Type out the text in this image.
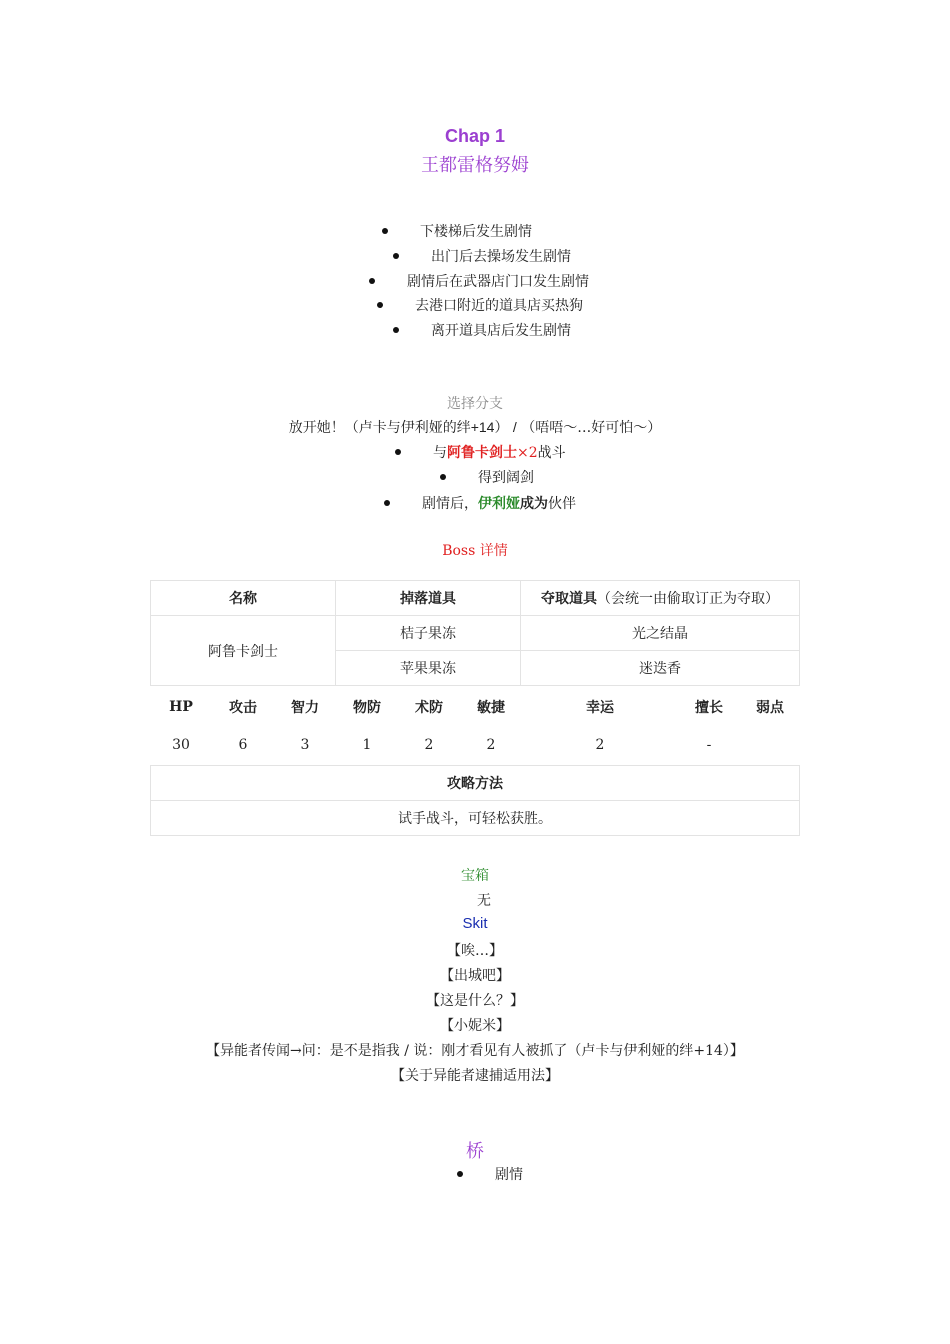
Chap 1
王都雷格努姆
下楼梯后发生剧情
出门后去操场发生剧情
剧情后在武器店门口发生剧情
去港口附近的道具店买热狗
离开道具店后发生剧情
选择分支
放开她！（卢卡与伊利娅的绊+14） / （唔唔～…好可怕～）
与阿鲁卡剑士×2战斗
得到阔剑
剧情后，伊利娅成为伙伴
Boss 详情
名称	掉落道具	夺取道具（会统一由偷取订正为夺取）
阿鲁卡剑士	桔子果冻	光之结晶
	苹果果冻	迷迭香
HP	攻击	智力	物防	术防	敏捷	幸运	擅长	弱点
30	6	3	1	2	2	2	-	
攻略方法
试手战斗，可轻松获胜。
宝箱
无
Skit
【唉…】
【出城吧】
【这是什么？】
【小妮米】
【异能者传闻→问：是不是指我 / 说：刚才看见有人被抓了（卢卡与伊利娅的绊+14）】
【关于异能者逮捕适用法】
桥
剧情
